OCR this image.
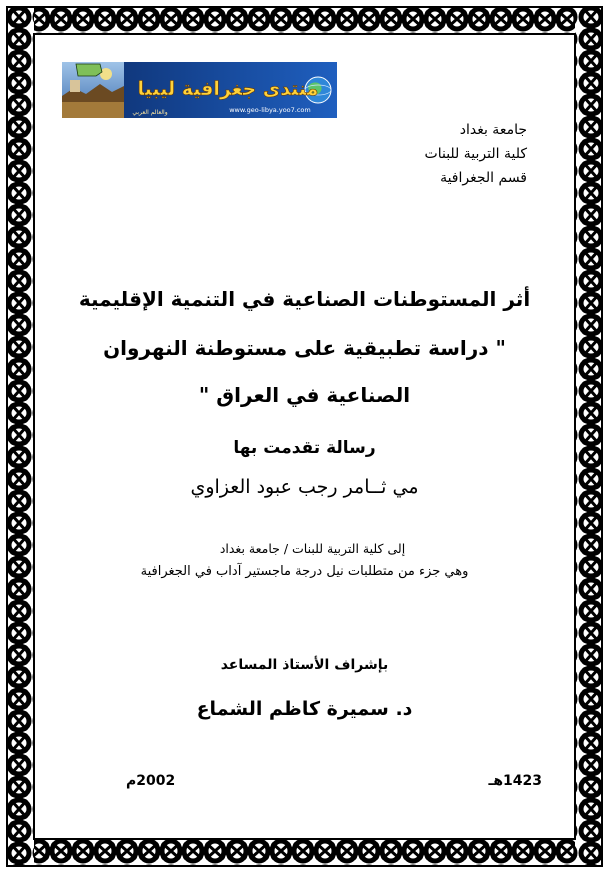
منتدى جغرافية ليبيا
www.geo-libya.yoo7.com
والعالم العربي

جامعة بغداد

كلية التربية للبنات

قسم الجغرافية

أثر المستوطنات الصناعية في التنمية الإقليمية

" دراسة تطبيقية على مستوطنة النهروان

الصناعية في العراق "

رسالة تقدمت بها

مي ثــامر رجب عبود العزاوي

إلى كلية التربية للبنات / جامعة بغداد

وهي جزء من متطلبات نيل درجة ماجستير آداب في الجغرافية

بإشراف الأستاذ المساعد

د. سميرة كاظم الشماع

1423هـ

2002م
